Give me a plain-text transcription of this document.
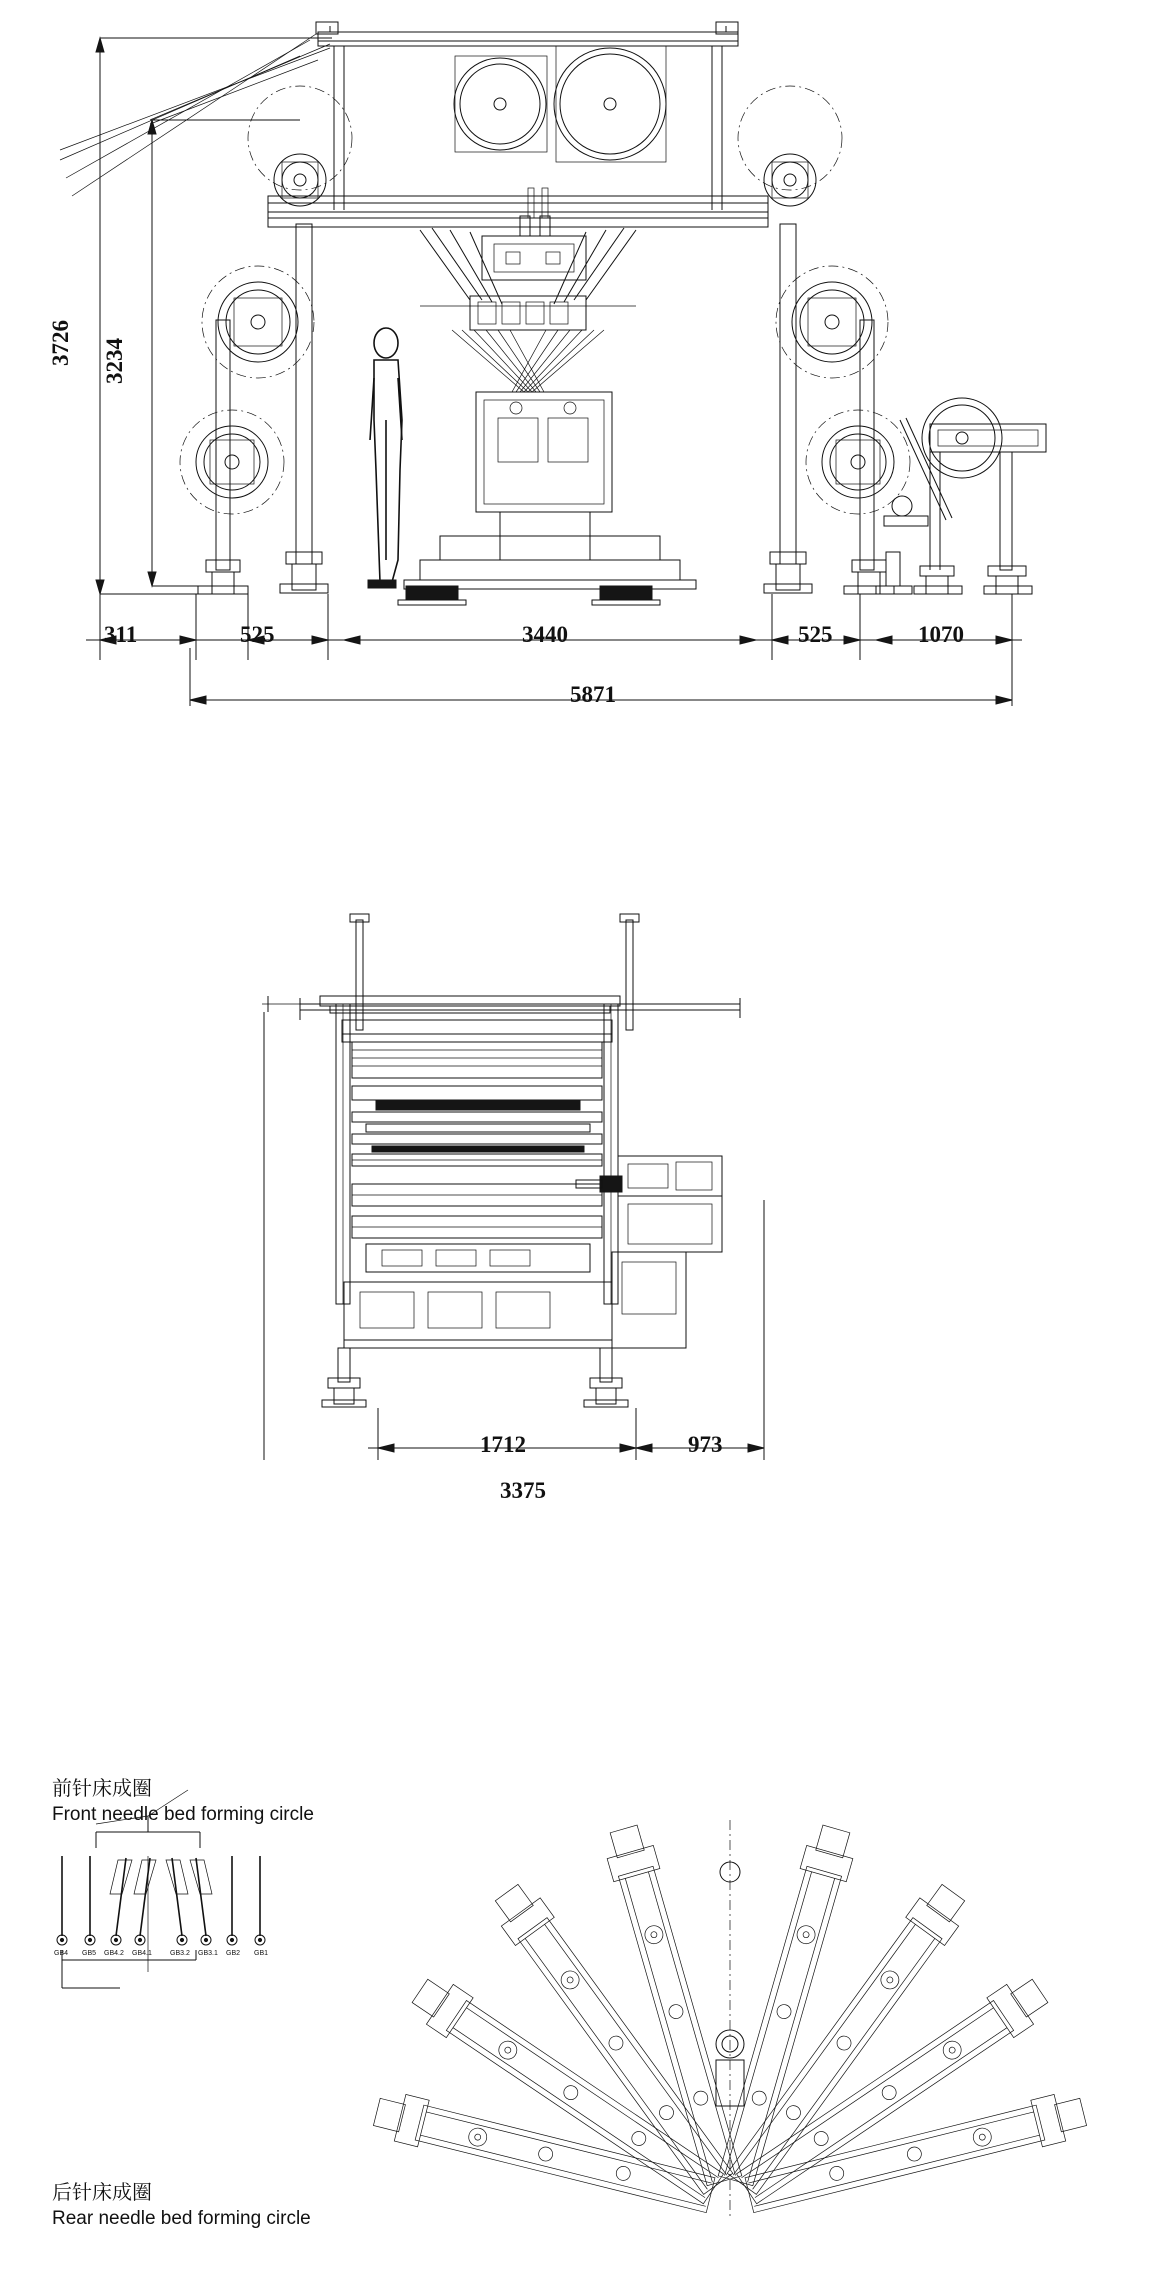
3726 3234
311	525	3440	525	1070
5871
1712	973
3375
前针床成圈
Front needle bed forming circle
后针床成圈
Rear needle bed forming circle
GB4 GB5 GB4.2 GB4.1	GB3.2 GB3.1 GB2 GB1
